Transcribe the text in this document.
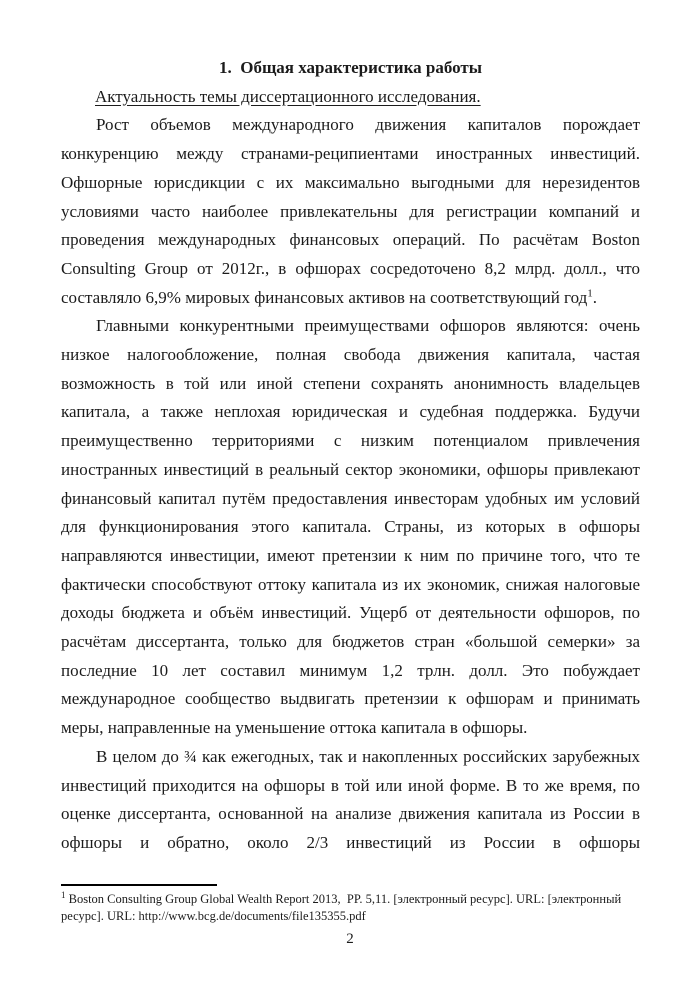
1.  Общая характеристика работы

Актуальность темы диссертационного исследования.

Рост объемов международного движения капиталов порождает конкуренцию между странами-реципиентами иностранных инвестиций. Офшорные юрисдикции с их максимально выгодными для нерезидентов условиями часто наиболее привлекательны для регистрации компаний и проведения международных финансовых операций. По расчётам Boston Consulting Group от 2012г., в офшорах сосредоточено 8,2 млрд. долл., что составляло 6,9% мировых финансовых активов на соответствующий год$^1$.

Главными конкурентными преимуществами офшоров являются: очень низкое налогообложение, полная свобода движения капитала, частая возможность в той или иной степени сохранять анонимность владельцев капитала, а также неплохая юридическая и судебная поддержка. Будучи преимущественно территориями с низким потенциалом привлечения иностранных инвестиций в реальный сектор экономики, офшоры привлекают финансовый капитал путём предоставления инвесторам удобных им условий для функционирования этого капитала. Страны, из которых в офшоры направляются инвестиции, имеют претензии к ним по причине того, что те фактически способствуют оттоку капитала из их экономик, снижая налоговые доходы бюджета и объём инвестиций. Ущерб от деятельности офшоров, по расчётам диссертанта, только для бюджетов стран «большой семерки» за последние 10 лет составил минимум 1,2 трлн. долл. Это побуждает международное сообщество выдвигать претензии к офшорам и принимать меры, направленные на уменьшение оттока капитала в офшоры.

В целом до ¾ как ежегодных, так и накопленных российских зарубежных инвестиций приходится на офшоры в той или иной форме. В то же время, по оценке диссертанта, основанной на анализе движения капитала из России в офшоры и обратно, около 2/3 инвестиций из России в офшоры

$^1$ Boston Consulting Group Global Wealth Report 2013,  PP. 5,11. [электронный ресурс]. URL: [электронный ресурс]. URL: http://www.bcg.de/documents/file135355.pdf

2
